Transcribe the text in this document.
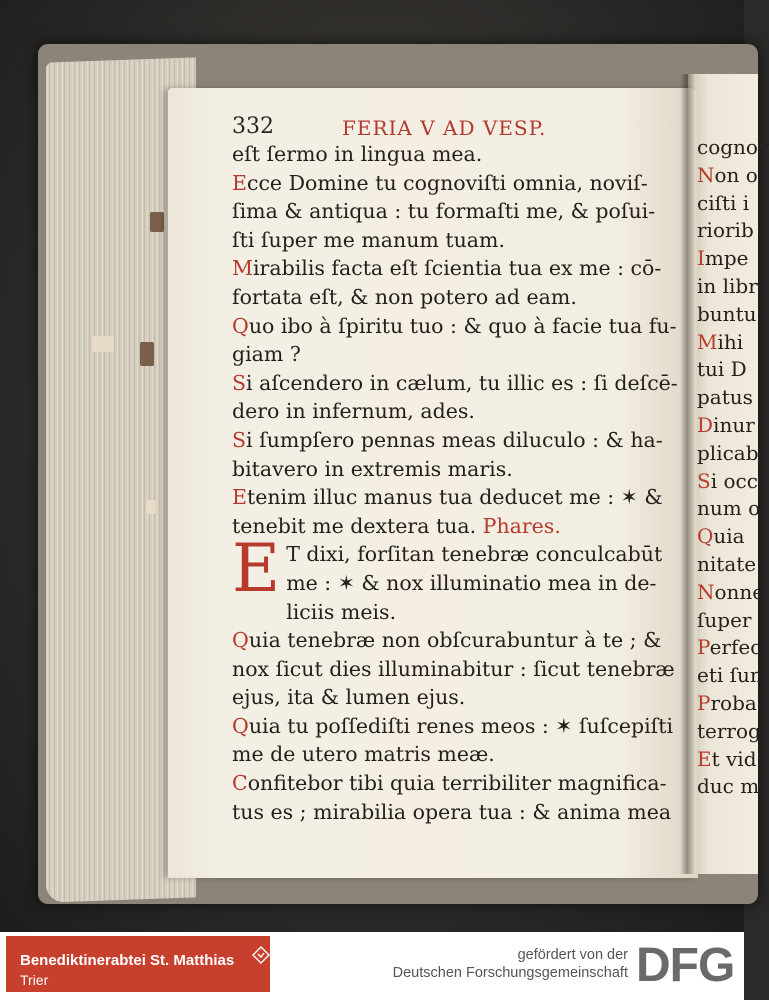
332	FERIA V AD VESP.
eſt ſermo in lingua mea.
Ecce Domine tu cognoviſti omnia, noviſ-
ſima & antiqua : tu formaſti me, & poſui-
ſti ſuper me manum tuam.
Mirabilis facta eſt ſcientia tua ex me : cō-
fortata eſt, & non potero ad eam.
Quo ibo à ſpiritu tuo : & quo à facie tua fu-
giam ?
Si aſcendero in cælum, tu illic es : ſi deſcē-
dero in infernum, ades.
Si ſumpſero pennas meas diluculo : & ha-
bitavero in extremis maris.
Etenim illuc manus tua deducet me : ✶ &
tenebit me dextera tua. Phares.
E T dixi, forſitan tenebræ conculcabūt
me : ✶ & nox illuminatio mea in de-
liciis meis.
Quia tenebræ non obſcurabuntur à te ; &
nox ſicut dies illuminabitur : ſicut tenebræ
ejus, ita & lumen ejus.
Quia tu poſſediſti renes meos : ✶ ſuſcepiſti
me de utero matris meæ.
Confitebor tibi quia terribiliter magnifica-
tus es ; mirabilia opera tua : & anima mea
cognov
Non o
ciſti i
riorib
Impe
in libr
buntu
Mihi
tui D
patus
Dinur
plicab
Si occ
num o
Quia
nitate
Nonne
ſuper
Perfec
eti ſun
Proba
terrog
Et vid
duc m
Benediktinerabtei St. Matthias
Trier
gefördert von der
Deutschen Forschungsgemeinschaft DFG
